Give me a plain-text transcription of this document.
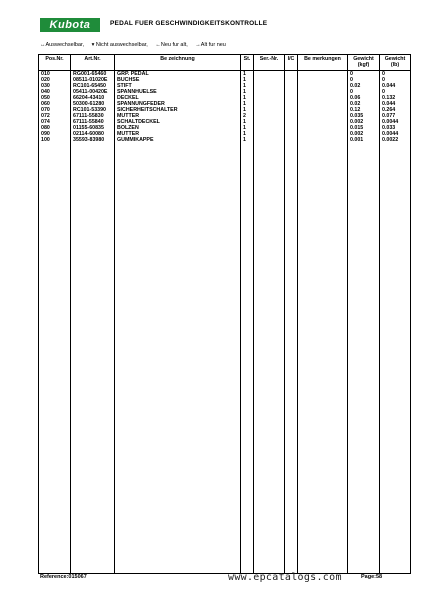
Kubota	PEDAL FUER GESCHWINDIGKEITSKONTROLLE
↔Auswechselbar, ▾ Nicht auswechselbar, ←Neu fur alt, →Alt fur neu
Pos.Nr.	Art.Nr.	Be zeichnung	St.	Ser.-Nr.	I/C	Be merkungen	Gewicht (kgf)	Gewicht (lb)
010	RG001-65460	GRP. PEDAL	1				0	0
020	08511-01020E	BUCHSE	1				0	0
030	RC101-65450	STIFT	1				0.02	0.044
040	05411-00420E	SPANNHUELSE	1				0	0
050	66204-43410	DECKEL	1				0.06	0.132
060	50300-61280	SPANNUNGFEDER	1				0.02	0.044
070	RC101-53390	SICHERHEITSCHALTER	1				0.12	0.264
072	67111-55830	MUTTER	2				0.035	0.077
074	67111-55840	SCHALTDECKEL	1				0.002	0.0044
080	01155-60835	BOLZEN	1				0.015	0.033
090	02114-60080	MUTTER	1				0.002	0.0044
100	35593-83980	GUMMIKAPPE	1				0.001	0.0022

Reference:015067	www.epcatalogs.com	Page:58
